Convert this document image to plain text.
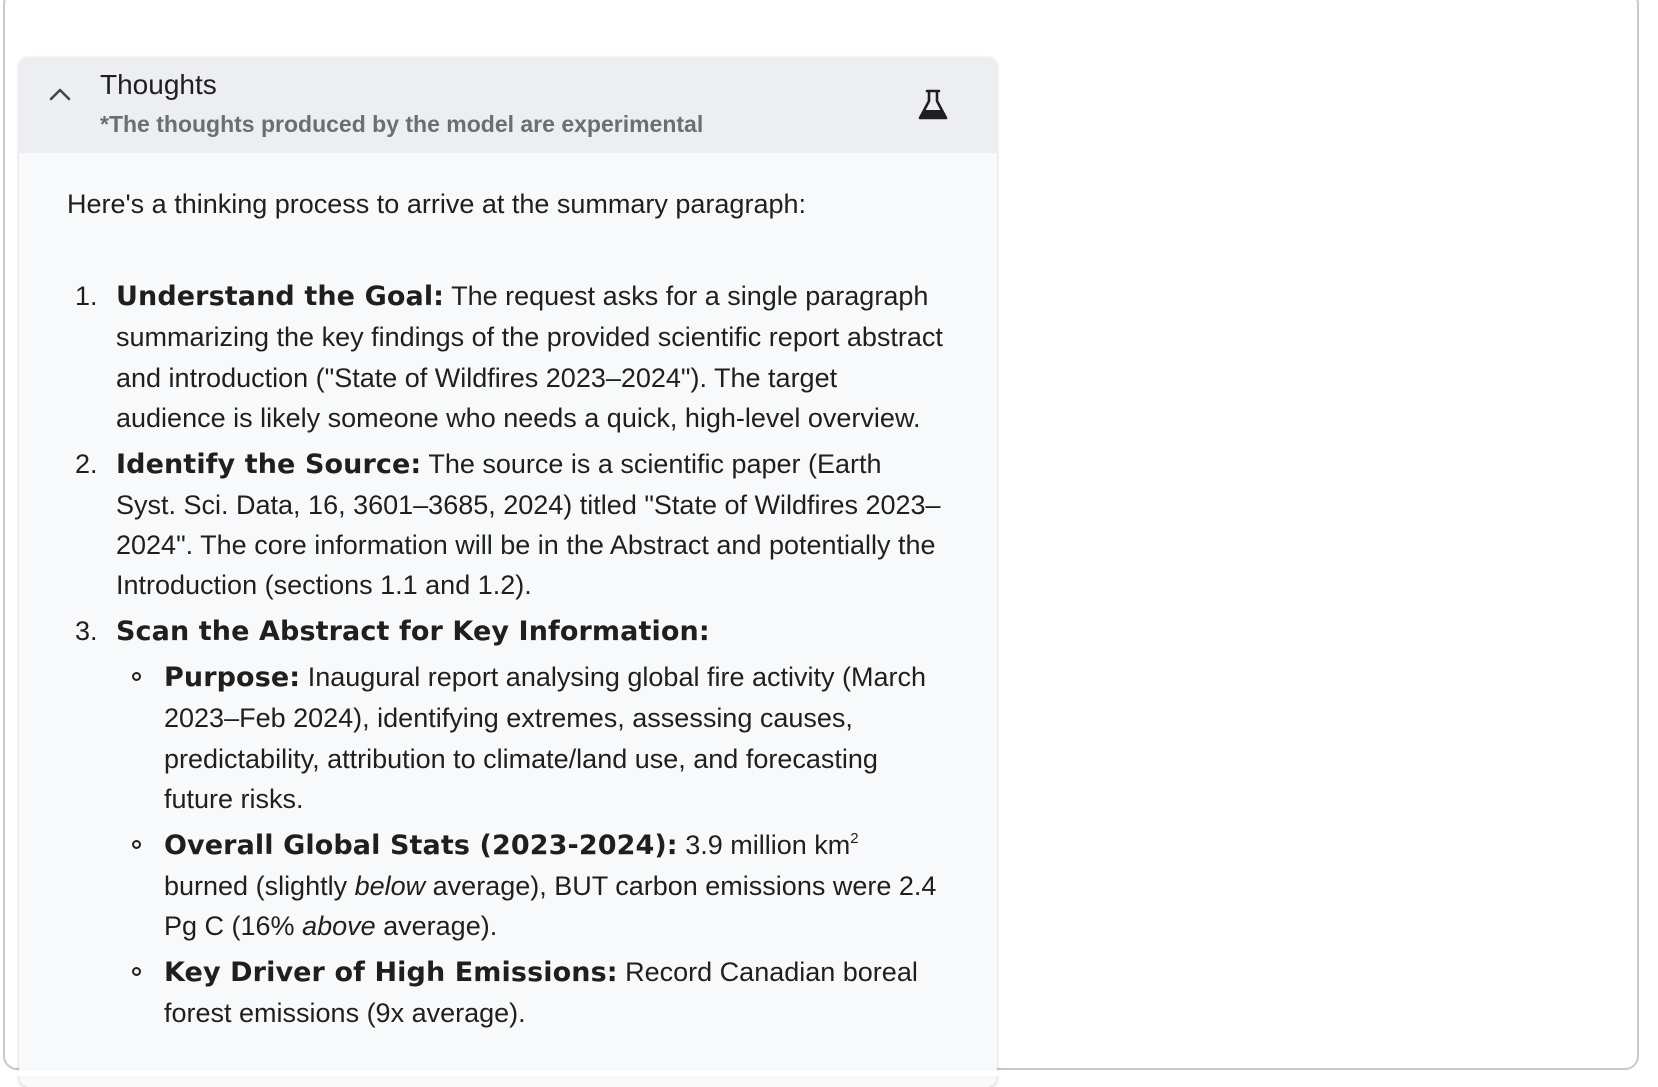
Thoughts
*The thoughts produced by the model are experimental

Here's a thinking process to arrive at the summary paragraph:

Understand the Goal: The request asks for a single paragraph summarizing the key findings of the provided scientific report abstract and introduction ("State of Wildfires 2023–2024"). The target audience is likely someone who needs a quick, high-level overview.
Identify the Source: The source is a scientific paper (Earth Syst. Sci. Data, 16, 3601–3685, 2024) titled "State of Wildfires 2023–2024". The core information will be in the Abstract and potentially the Introduction (sections 1.1 and 1.2).
Scan the Abstract for Key Information:
Purpose: Inaugural report analysing global fire activity (March 2023–Feb 2024), identifying extremes, assessing causes, predictability, attribution to climate/land use, and forecasting future risks.
Overall Global Stats (2023-2024): 3.9 million $km^2$ burned (slightly below average), BUT carbon emissions were 2.4 Pg C (16% above average).
Key Driver of High Emissions: Record Canadian boreal forest emissions (9x average).
